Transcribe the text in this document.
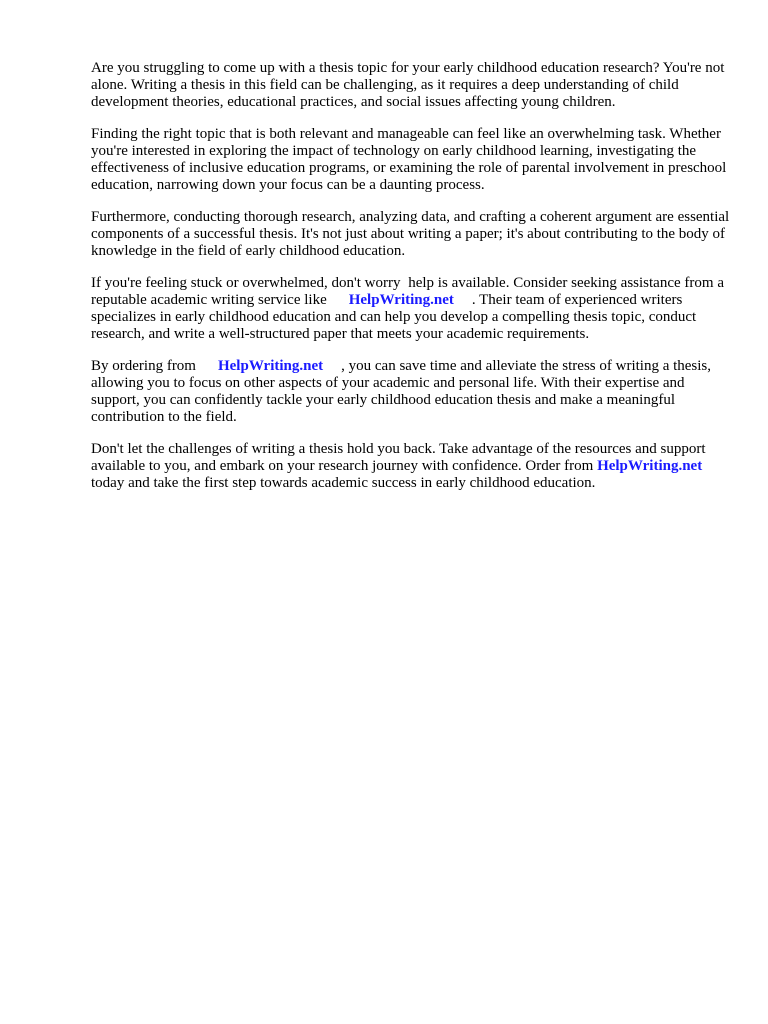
Are you struggling to come up with a thesis topic for your early childhood education research? You're not alone. Writing a thesis in this field can be challenging, as it requires a deep understanding of child development theories, educational practices, and social issues affecting young children.

Finding the right topic that is both relevant and manageable can feel like an overwhelming task. Whether you're interested in exploring the impact of technology on early childhood learning, investigating the effectiveness of inclusive education programs, or examining the role of parental involvement in preschool education, narrowing down your focus can be a daunting process.

Furthermore, conducting thorough research, analyzing data, and crafting a coherent argument are essential components of a successful thesis. It's not just about writing a paper; it's about contributing to the body of knowledge in the field of early childhood education.

If you're feeling stuck or overwhelmed, don't worry help is available. Consider seeking assistance from a reputable academic writing service like HelpWriting.net . Their team of experienced writers specializes in early childhood education and can help you develop a compelling thesis topic, conduct research, and write a well-structured paper that meets your academic requirements.

By ordering from HelpWriting.net , you can save time and alleviate the stress of writing a thesis, allowing you to focus on other aspects of your academic and personal life. With their expertise and support, you can confidently tackle your early childhood education thesis and make a meaningful contribution to the field.

Don't let the challenges of writing a thesis hold you back. Take advantage of the resources and support available to you, and embark on your research journey with confidence. Order from HelpWriting.net today and take the first step towards academic success in early childhood education.
